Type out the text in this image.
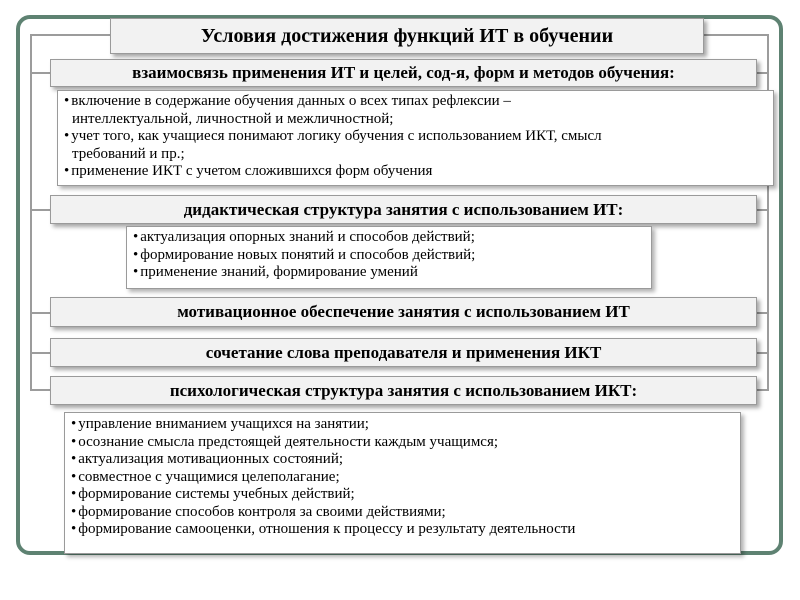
Условия достижения функций ИТ в обучении
взаимосвязь применения ИТ и целей, сод-я, форм и методов обучения:
• включение в содержание обучения данных о всех типах рефлексии –
интеллектуальной, личностной и межличностной;
• учет того, как учащиеся понимают логику обучения с использованием ИКТ, смысл
требований и пр.;
• применение ИКТ с учетом сложившихся форм обучения
дидактическая структура занятия с использованием ИТ:
• актуализация опорных знаний и способов действий;
• формирование новых понятий и способов действий;
• применение знаний, формирование умений
мотивационное обеспечение занятия с использованием ИТ
сочетание слова преподавателя и применения ИКТ
психологическая структура занятия с использованием ИКТ:
• управление вниманием учащихся на занятии;
• осознание смысла предстоящей деятельности каждым учащимся;
• актуализация мотивационных состояний;
• совместное с учащимися целеполагание;
• формирование системы учебных действий;
• формирование способов контроля за своими действиями;
• формирование самооценки, отношения к процессу и результату деятельности
